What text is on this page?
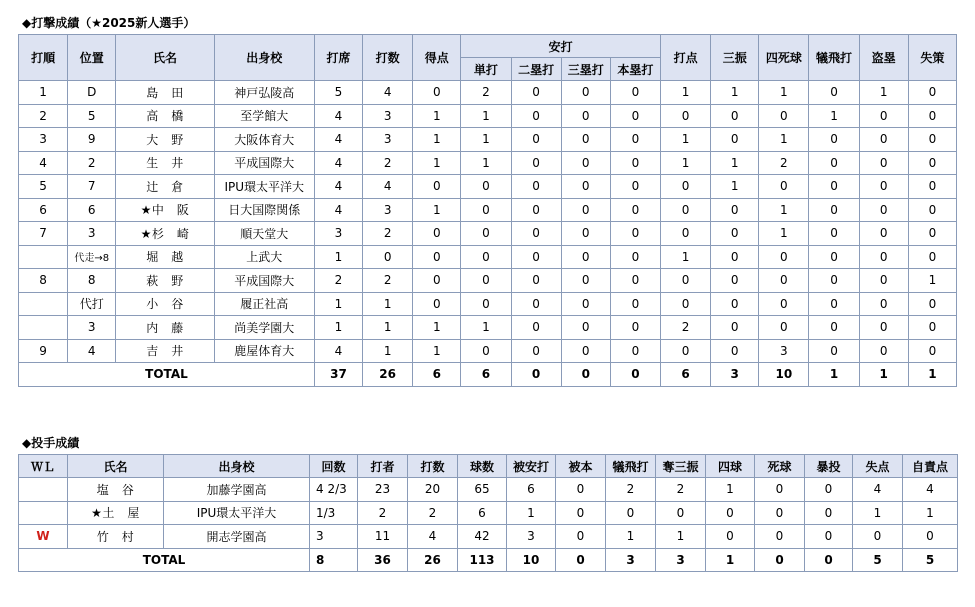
◆打撃成績（★2025新人選手）
打順	位置	氏名	出身校	打席	打数	得点	安打				打点	三振	四死球	犠飛打	盗塁	失策
							単打	二塁打	三塁打	本塁打						
1	D	島　田	神戸弘陵高	5	4	0	2	0	0	0	1	1	1	0	1	0
2	5	高　橋	至学館大	4	3	1	1	0	0	0	0	0	0	1	0	0
3	9	大　野	大阪体育大	4	3	1	1	0	0	0	1	0	1	0	0	0
4	2	生　井	平成国際大	4	2	1	1	0	0	0	1	1	2	0	0	0
5	7	辻　倉	IPU環太平洋大	4	4	0	0	0	0	0	0	1	0	0	0	0
6	6	★中　阪	日大国際関係	4	3	1	0	0	0	0	0	0	1	0	0	0
7	3	★杉　崎	順天堂大	3	2	0	0	0	0	0	0	0	1	0	0	0
	代走→8	堀　越	上武大	1	0	0	0	0	0	0	1	0	0	0	0	0
8	8	萩　野	平成国際大	2	2	0	0	0	0	0	0	0	0	0	0	1
	代打	小　谷	履正社高	1	1	0	0	0	0	0	0	0	0	0	0	0
	3	内　藤	尚美学園大	1	1	1	1	0	0	0	2	0	0	0	0	0
9	4	吉　井	鹿屋体育大	4	1	1	0	0	0	0	0	0	3	0	0	0
TOTAL				37	26	6	6	0	0	0	6	3	10	1	1	1
◆投手成績
ＷＬ	氏名	出身校	回数	打者	打数	球数	被安打	被本	犠飛打	奪三振	四球	死球	暴投	失点	自責点
	塩　谷	加藤学園高	4 2/3	23	20	65	6	0	2	2	1	0	0	4	4
	★土　屋	IPU環太平洋大	1/3	2	2	6	1	0	0	0	0	0	0	1	1
W	竹　村	開志学園高	3	11	4	42	3	0	1	1	0	0	0	0	0
TOTAL			8	36	26	113	10	0	3	3	1	0	0	5	5
